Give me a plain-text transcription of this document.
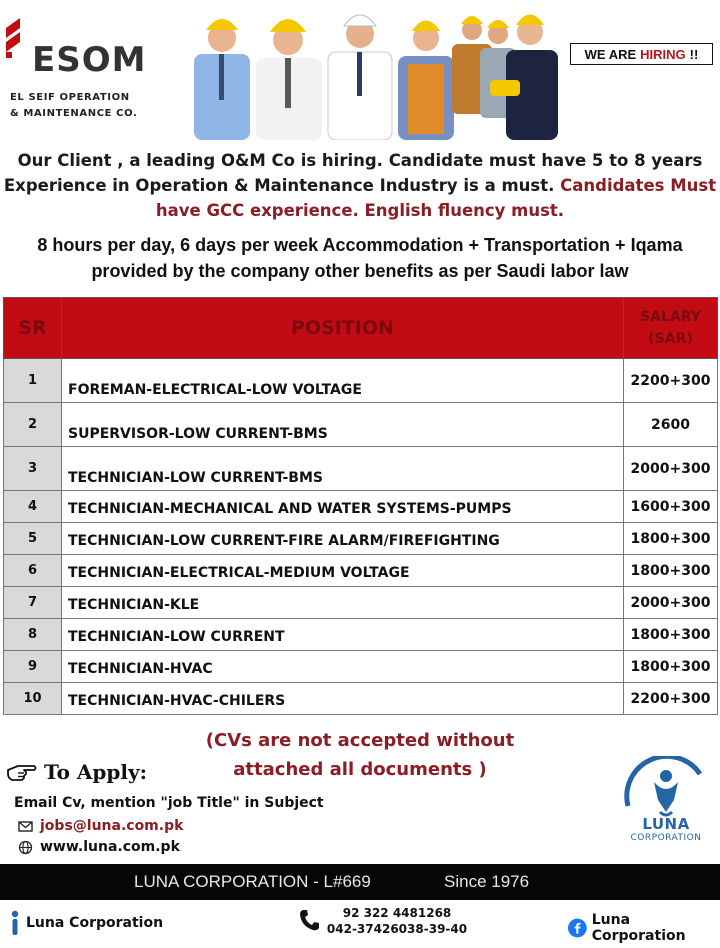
ESOM
EL SEIF OPERATION
& MAINTENANCE CO.
WE ARE HIRING !!
Our Client , a leading O&M Co is hiring. Candidate must have 5 to 8 years
Experience in Operation & Maintenance Industry is a must. Candidates Must
have GCC experience. English fluency must.
8 hours per day, 6 days per week Accommodation + Transportation + Iqama
provided by the company other benefits as per Saudi labor law
SR	POSITION	SALARY
(SAR)

1	FOREMAN-ELECTRICAL-LOW VOLTAGE	2200+300
2	SUPERVISOR-LOW CURRENT-BMS	2600
3	TECHNICIAN-LOW CURRENT-BMS	2000+300
4	TECHNICIAN-MECHANICAL AND WATER SYSTEMS-PUMPS	1600+300
5	TECHNICIAN-LOW CURRENT-FIRE ALARM/FIREFIGHTING	1800+300
6	TECHNICIAN-ELECTRICAL-MEDIUM VOLTAGE	1800+300
7	TECHNICIAN-KLE	2000+300
8	TECHNICIAN-LOW CURRENT	1800+300
9	TECHNICIAN-HVAC	1800+300
10	TECHNICIAN-HVAC-CHILERS	2200+300
(CVs are not accepted without
attached all documents )
To Apply:
Email Cv, mention "job Title" in Subject
jobs@luna.com.pk
www.luna.com.pk
LUNA
CORPORATION
LUNA CORPORATION - L#669	Since 1976
Luna Corporation
92 322 4481268
042-37426038-39-40
Luna Corporation
